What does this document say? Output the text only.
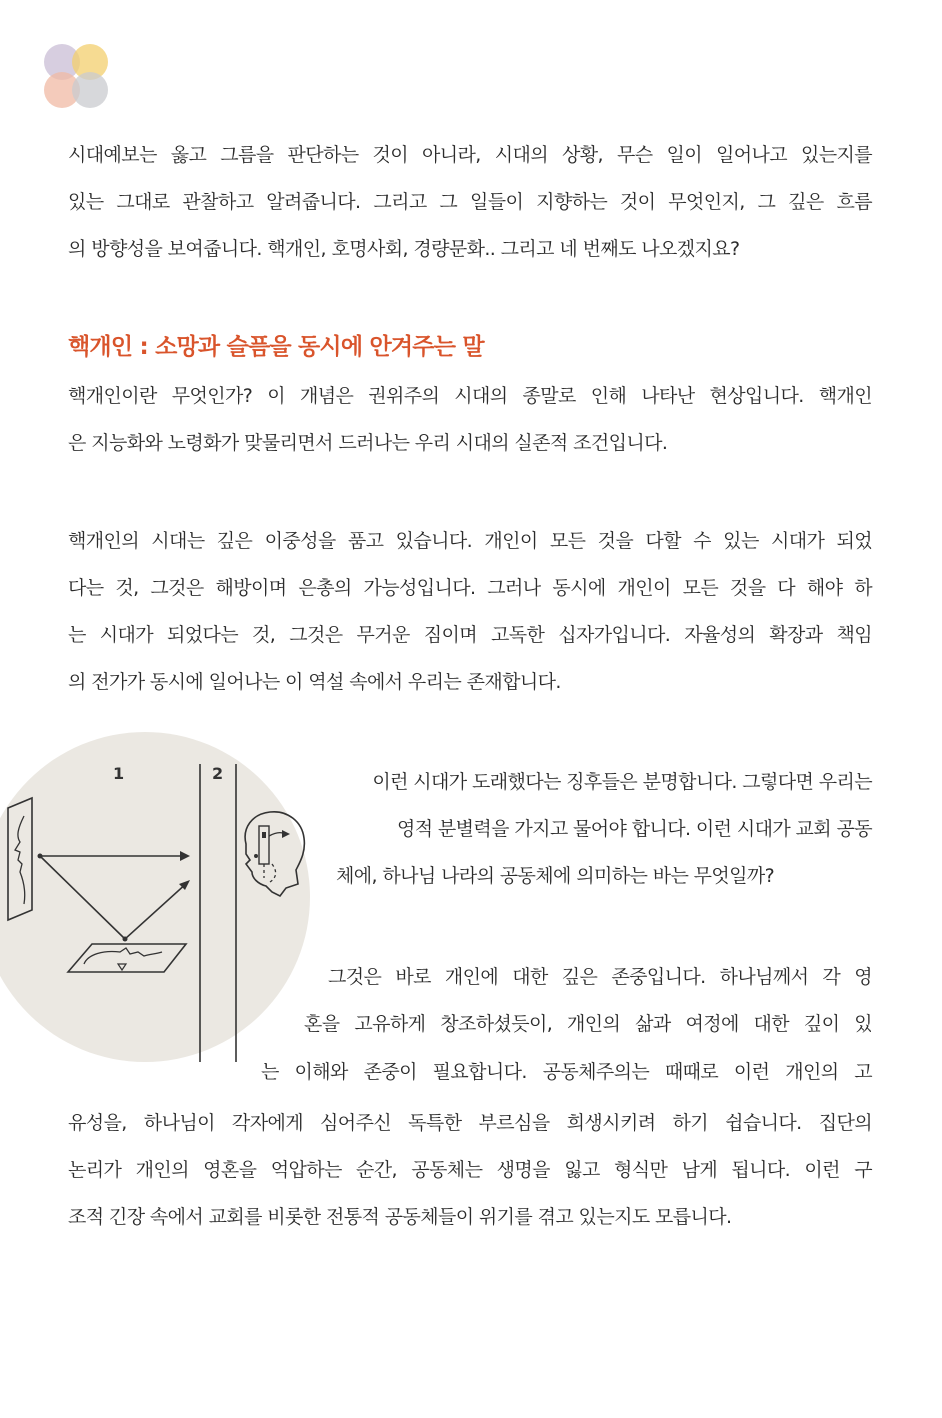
시대예보는 옳고 그름을 판단하는 것이 아니라, 시대의 상황, 무슨 일이 일어나고 있는지를
있는 그대로 관찰하고 알려줍니다. 그리고 그 일들이 지향하는 것이 무엇인지, 그 깊은 흐름
의 방향성을 보여줍니다. 핵개인, 호명사회, 경량문화.. 그리고 네 번째도 나오겠지요?
핵개인 : 소망과 슬픔을 동시에 안겨주는 말
핵개인이란 무엇인가? 이 개념은 권위주의 시대의 종말로 인해 나타난 현상입니다. 핵개인
은 지능화와 노령화가 맞물리면서 드러나는 우리 시대의 실존적 조건입니다.
핵개인의 시대는 깊은 이중성을 품고 있습니다. 개인이 모든 것을 다할 수 있는 시대가 되었
다는 것, 그것은 해방이며 은총의 가능성입니다. 그러나 동시에 개인이 모든 것을 다 해야 하
는 시대가 되었다는 것, 그것은 무거운 짐이며 고독한 십자가입니다. 자율성의 확장과 책임
의 전가가 동시에 일어나는 이 역설 속에서 우리는 존재합니다.
1	2	이런 시대가 도래했다는 징후들은 분명합니다. 그렇다면 우리는
영적 분별력을 가지고 물어야 합니다. 이런 시대가 교회 공동
체에, 하나님 나라의 공동체에 의미하는 바는 무엇일까?
그것은 바로 개인에 대한 깊은 존중입니다. 하나님께서 각 영
혼을 고유하게 창조하셨듯이, 개인의 삶과 여정에 대한 깊이 있
는 이해와 존중이 필요합니다. 공동체주의는 때때로 이런 개인의 고
유성을, 하나님이 각자에게 심어주신 독특한 부르심을 희생시키려 하기 쉽습니다. 집단의
논리가 개인의 영혼을 억압하는 순간, 공동체는 생명을 잃고 형식만 남게 됩니다. 이런 구
조적 긴장 속에서 교회를 비롯한 전통적 공동체들이 위기를 겪고 있는지도 모릅니다.
